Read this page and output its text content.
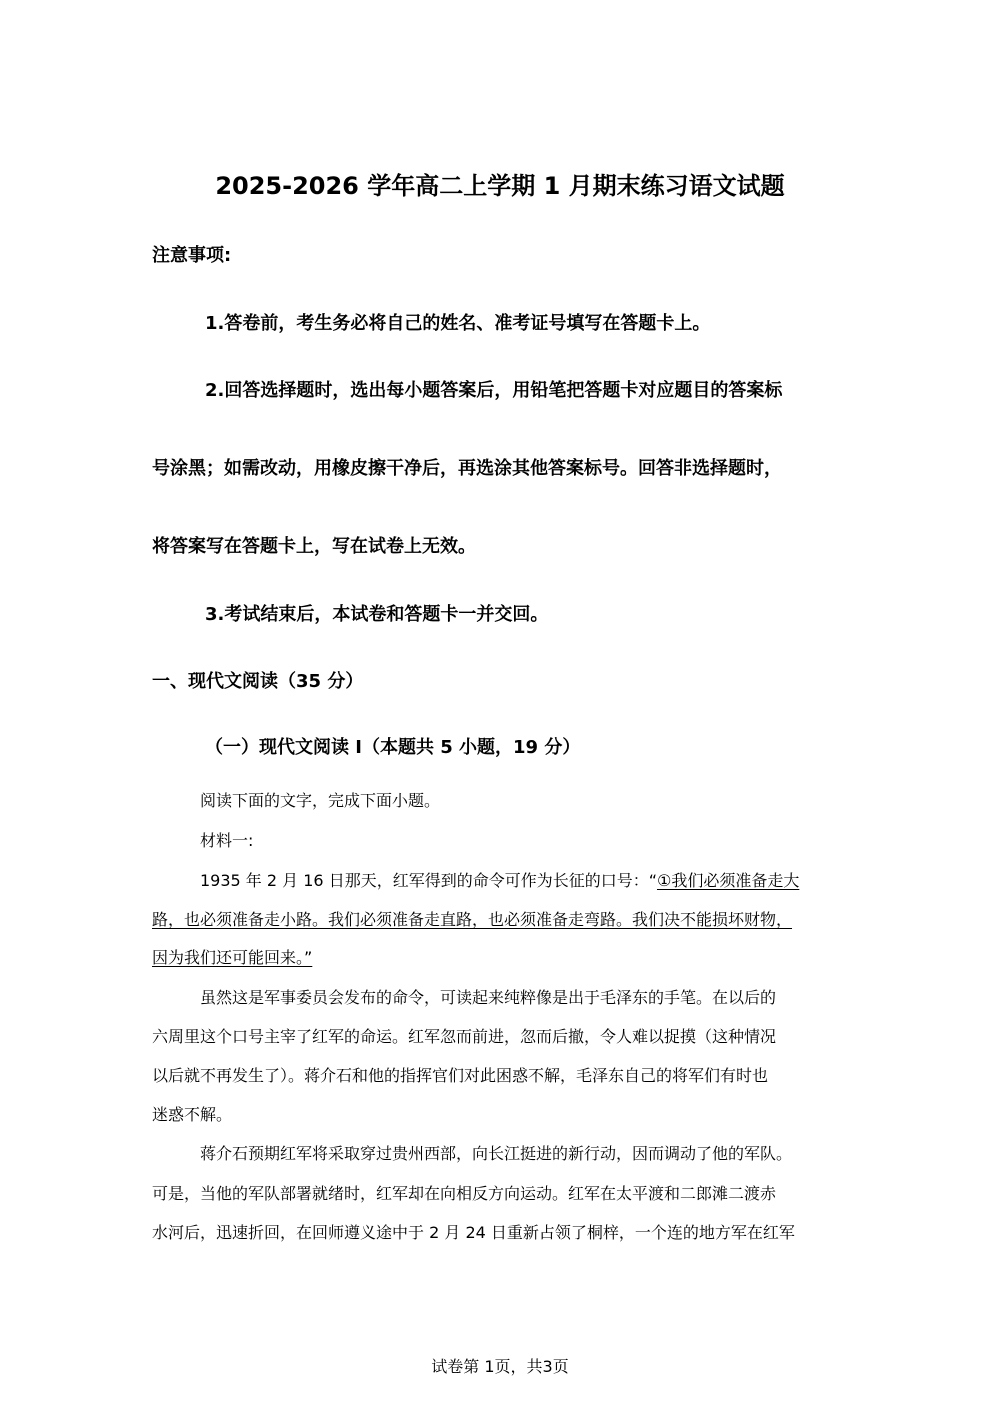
2025-2026 学年高二上学期 1 月期末练习语文试题
注意事项:
1.答卷前，考生务必将自己的姓名、准考证号填写在答题卡上。
2.回答选择题时，选出每小题答案后，用铅笔把答题卡对应题目的答案标
号涂黑；如需改动，用橡皮擦干净后，再选涂其他答案标号。回答非选择题时，
将答案写在答题卡上，写在试卷上无效。
3.考试结束后，本试卷和答题卡一并交回。
一、现代文阅读（35 分）
（一）现代文阅读 I（本题共 5 小题，19 分）
阅读下面的文字，完成下面小题。
材料一:
1935 年 2 月 16 日那天，红军得到的命令可作为长征的口号：“①我们必须准备走大
路，也必须准备走小路。我们必须准备走直路，也必须准备走弯路。我们决不能损坏财物，
因为我们还可能回来。”
虽然这是军事委员会发布的命令，可读起来纯粹像是出于毛泽东的手笔。在以后的
六周里这个口号主宰了红军的命运。红军忽而前进，忽而后撤，令人难以捉摸（这种情况
以后就不再发生了）。蒋介石和他的指挥官们对此困惑不解，毛泽东自己的将军们有时也
迷惑不解。
蒋介石预期红军将采取穿过贵州西部，向长江挺进的新行动，因而调动了他的军队。
可是，当他的军队部署就绪时，红军却在向相反方向运动。红军在太平渡和二郎滩二渡赤
水河后，迅速折回，在回师遵义途中于 2 月 24 日重新占领了桐梓，一个连的地方军在红军
试卷第 1页，共3页
